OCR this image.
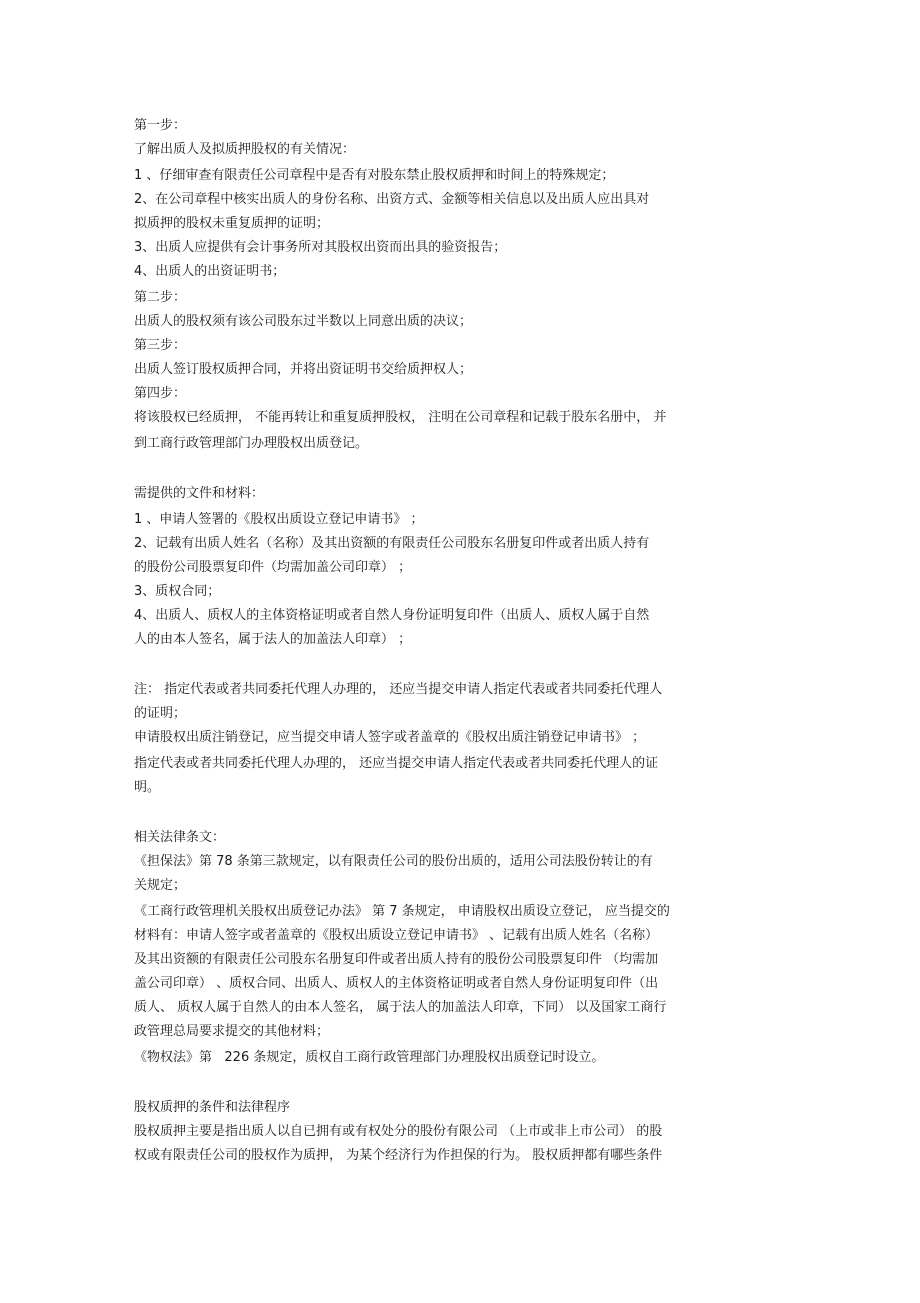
第一步：
了解出质人及拟质押股权的有关情况：
1 、仔细审查有限责任公司章程中是否有对股东禁止股权质押和时间上的特殊规定；
2、在公司章程中核实出质人的身份名称、出资方式、金额等相关信息以及出质人应出具对
拟质押的股权未重复质押的证明；
3、出质人应提供有会计事务所对其股权出资而出具的验资报告；
4、出质人的出资证明书；
第二步：
出质人的股权须有该公司股东过半数以上同意出质的决议；
第三步：
出质人签订股权质押合同，并将出资证明书交给质押权人；
第四步：
将该股权已经质押， 不能再转让和重复质押股权， 注明在公司章程和记载于股东名册中， 并
到工商行政管理部门办理股权出质登记。
需提供的文件和材料：
1 、申请人签署的《股权出质设立登记申请书》 ；
2、记载有出质人姓名（名称）及其出资额的有限责任公司股东名册复印件或者出质人持有
的股份公司股票复印件（均需加盖公司印章） ；
3、质权合同；
4、出质人、质权人的主体资格证明或者自然人身份证明复印件（出质人、质权人属于自然
人的由本人签名，属于法人的加盖法人印章） ；
注： 指定代表或者共同委托代理人办理的， 还应当提交申请人指定代表或者共同委托代理人
的证明；
申请股权出质注销登记，应当提交申请人签字或者盖章的《股权出质注销登记申请书》 ；
指定代表或者共同委托代理人办理的， 还应当提交申请人指定代表或者共同委托代理人的证
明。
相关法律条文：
《担保法》第 78 条第三款规定，以有限责任公司的股份出质的，适用公司法股份转让的有
关规定；
《工商行政管理机关股权出质登记办法》 第 7 条规定， 申请股权出质设立登记， 应当提交的
材料有：申请人签字或者盖章的《股权出质设立登记申请书》 、记载有出质人姓名（名称）
及其出资额的有限责任公司股东名册复印件或者出质人持有的股份公司股票复印件 （均需加
盖公司印章） 、质权合同、出质人、质权人的主体资格证明或者自然人身份证明复印件（出
质人、 质权人属于自然人的由本人签名， 属于法人的加盖法人印章，下同） 以及国家工商行
政管理总局要求提交的其他材料；
《物权法》第   226 条规定，质权自工商行政管理部门办理股权出质登记时设立。
股权质押的条件和法律程序
股权质押主要是指出质人以自已拥有或有权处分的股份有限公司 （上市或非上市公司） 的股
权或有限责任公司的股权作为质押， 为某个经济行为作担保的行为。 股权质押都有哪些条件
